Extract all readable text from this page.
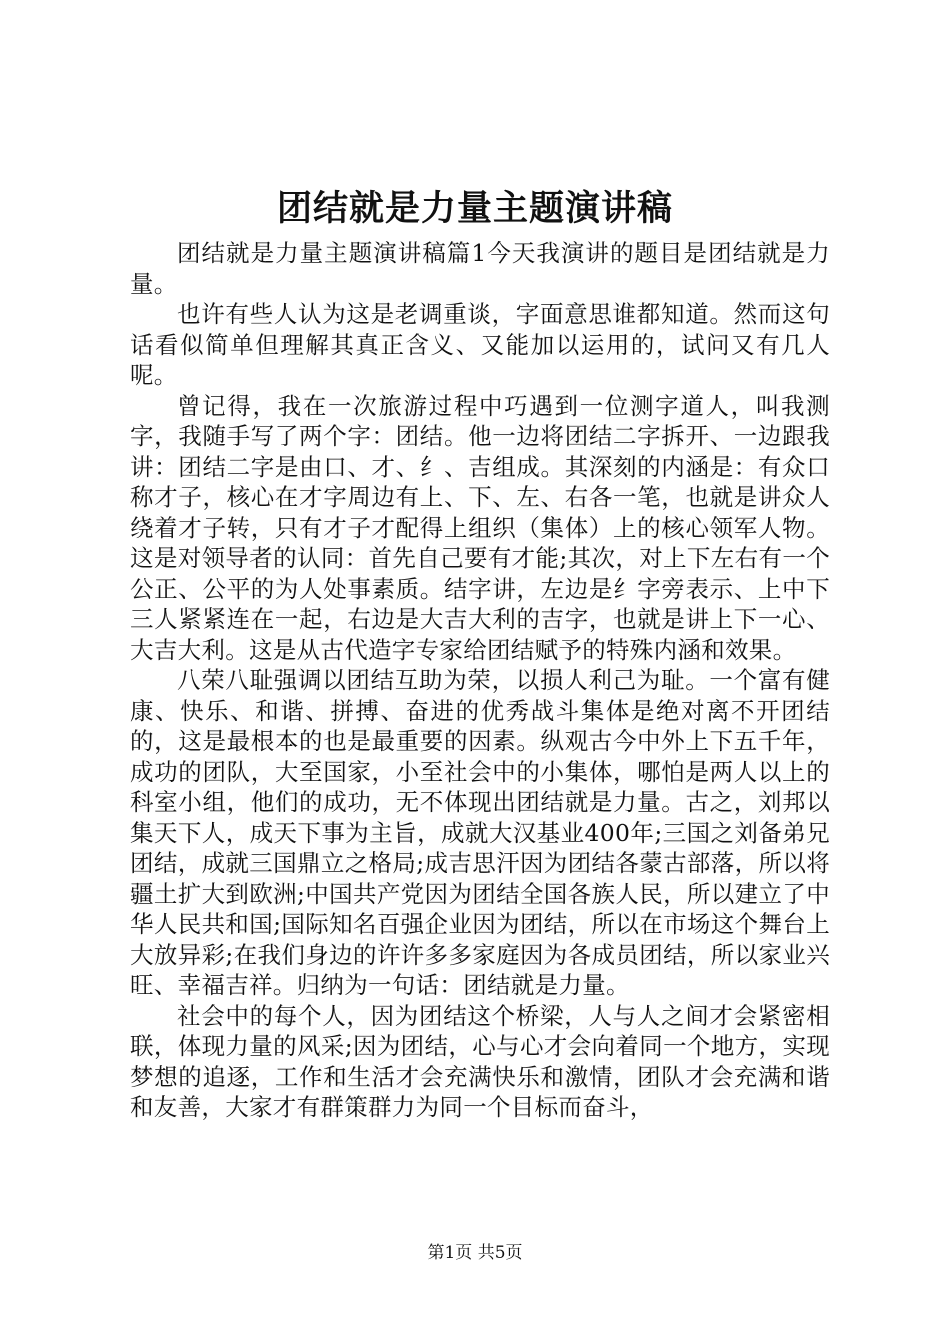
团结就是力量主题演讲稿

团结就是力量主题演讲稿篇1今天我演讲的题目是团结就是力量。

也许有些人认为这是老调重谈，字面意思谁都知道。然而这句话看似简单但理解其真正含义、又能加以运用的，试问又有几人呢。

曾记得，我在一次旅游过程中巧遇到一位测字道人，叫我测字，我随手写了两个字：团结。他一边将团结二字拆开、一边跟我讲：团结二字是由口、才、纟、吉组成。其深刻的内涵是：有众口称才子，核心在才字周边有上、下、左、右各一笔，也就是讲众人绕着才子转，只有才子才配得上组织（集体）上的核心领军人物。这是对领导者的认同：首先自己要有才能;其次，对上下左右有一个公正、公平的为人处事素质。结字讲，左边是纟字旁表示、上中下三人紧紧连在一起，右边是大吉大利的吉字，也就是讲上下一心、大吉大利。这是从古代造字专家给团结赋予的特殊内涵和效果。

八荣八耻强调以团结互助为荣，以损人利己为耻。一个富有健康、快乐、和谐、拼搏、奋进的优秀战斗集体是绝对离不开团结的，这是最根本的也是最重要的因素。纵观古今中外上下五千年，成功的团队，大至国家，小至社会中的小集体，哪怕是两人以上的科室小组，他们的成功，无不体现出团结就是力量。古之，刘邦以集天下人，成天下事为主旨，成就大汉基业400年;三国之刘备弟兄团结，成就三国鼎立之格局;成吉思汗因为团结各蒙古部落，所以将疆土扩大到欧洲;中国共产党因为团结全国各族人民，所以建立了中华人民共和国;国际知名百强企业因为团结，所以在市场这个舞台上大放异彩;在我们身边的许许多多家庭因为各成员团结，所以家业兴旺、幸福吉祥。归纳为一句话：团结就是力量。

社会中的每个人，因为团结这个桥梁，人与人之间才会紧密相联，体现力量的风采;因为团结，心与心才会向着同一个地方，实现梦想的追逐，工作和生活才会充满快乐和激情，团队才会充满和谐和友善，大家才有群策群力为同一个目标而奋斗，

第1页 共5页
